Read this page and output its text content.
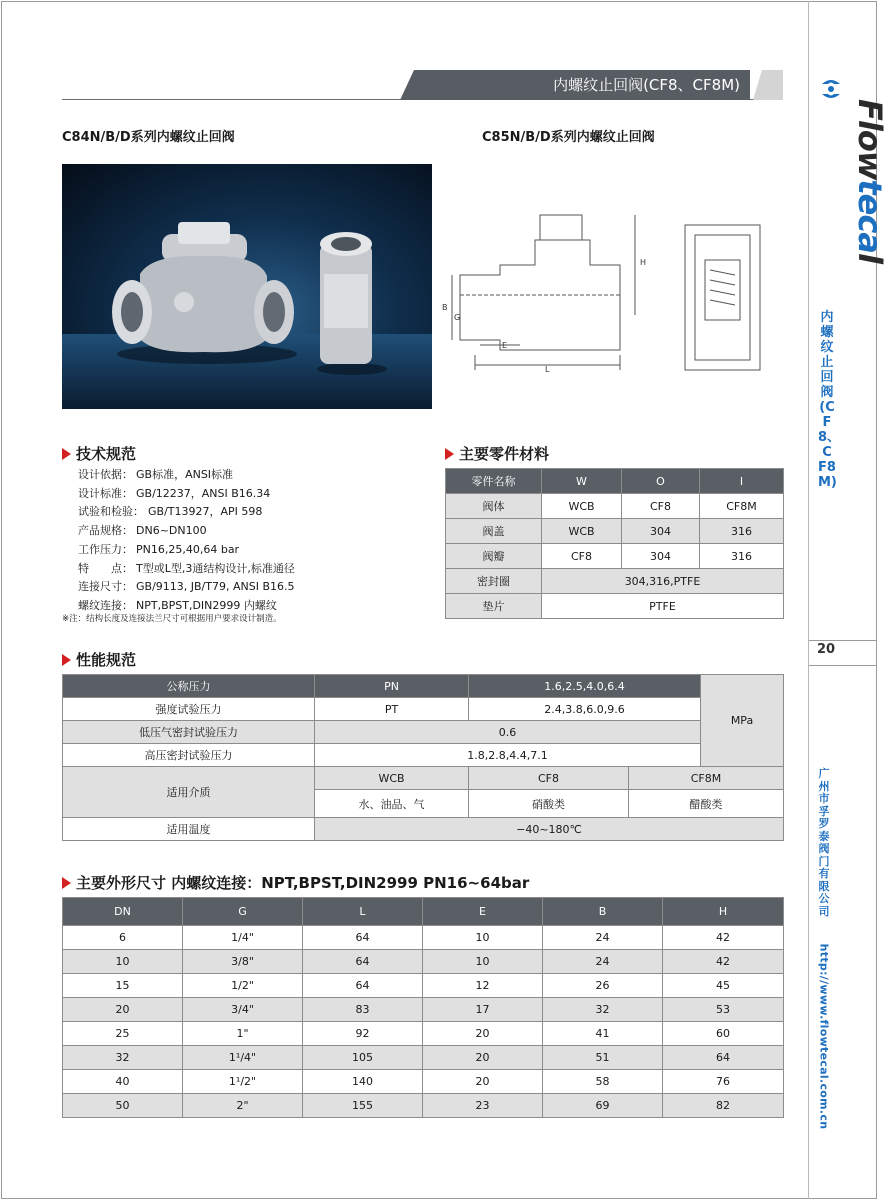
内螺纹止回阀(CF8、CF8M)
Flowtecal
内螺纹止回阀(CF8、CF8M)
20
广州市孚罗泰阀门有限公司
http://www.flowtecal.com.cn
C84N/B/D系列内螺纹止回阀	C85N/B/D系列内螺纹止回阀
H
B
G
E
L
技术规范
设计依据： GB标准，ANSI标准
设计标准： GB/12237，ANSI B16.34
试验和检验： GB/T13927，API 598
产品规格： DN6~DN100
工作压力： PN16,25,40,64 bar
特　　点： T型或L型,3通结构设计,标准通径
连接尺寸： GB/9113, JB/T79, ANSI B16.5
螺纹连接： NPT,BPST,DIN2999 内螺纹
※注：结构长度及连接法兰尺寸可根据用户要求设计制造。
主要零件材料
零件名称	W	O	I
阀体	WCB	CF8	CF8M
阀盖	WCB	304	316
阀瓣	CF8	304	316
密封圈	304,316,PTFE		
垫片	PTFE		
性能规范
公称压力	PN	1.6,2.5,4.0,6.4		MPa
强度试验压力	PT	2.4,3.8,6.0,9.6		
低压气密封试验压力	0.6			
高压密封试验压力	1.8,2.8,4.4,7.1			
适用介质	WCB	CF8	CF8M	
	水、油品、气	硝酸类	醋酸类	
适用温度	−40~180℃			
主要外形尺寸 内螺纹连接：NPT,BPST,DIN2999 PN16~64bar
DN	G	L	E	B	H
6	1/4"	64	10	24	42
10	3/8"	64	10	24	42
15	1/2"	64	12	26	45
20	3/4"	83	17	32	53
25	1"	92	20	41	60
32	1¹/4"	105	20	51	64
40	1¹/2"	140	20	58	76
50	2"	155	23	69	82
